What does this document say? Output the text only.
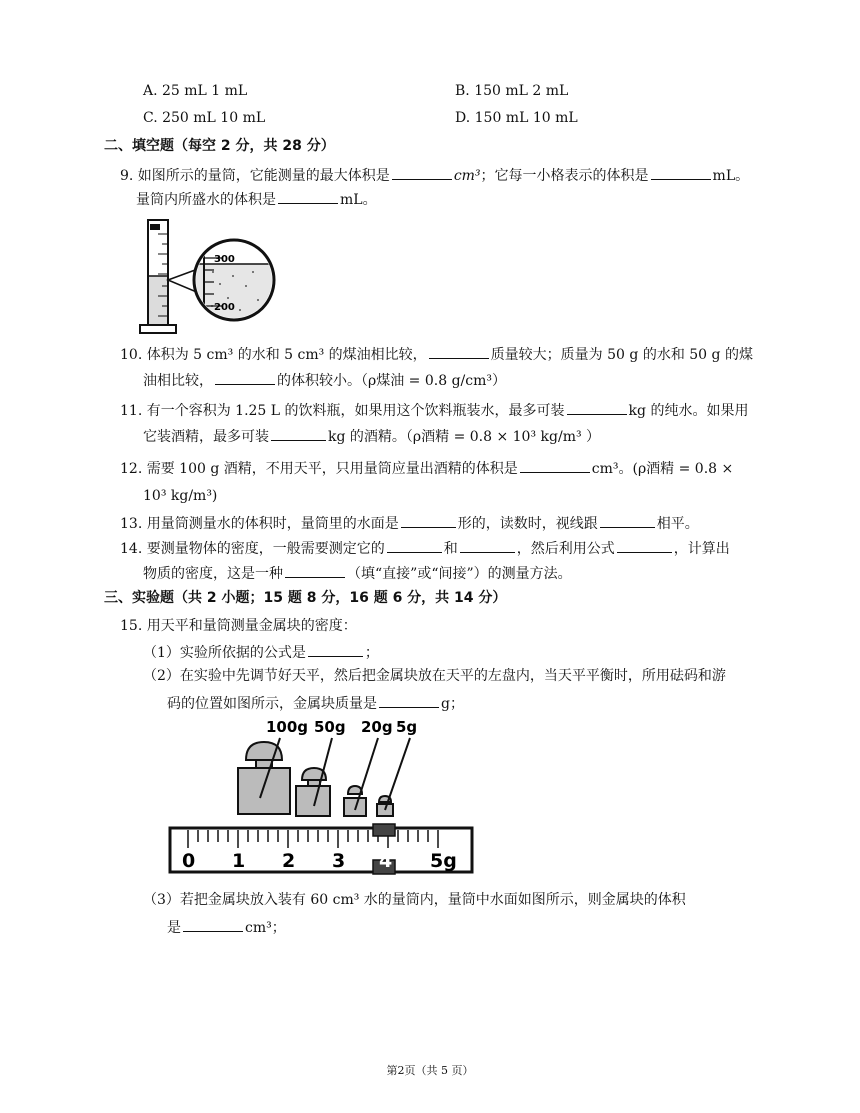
A. 25 mL 1 mL	B. 150 mL 2 mL
C. 250 mL 10 mL	D. 150 mL 10 mL
二、填空题（每空 2 分，共 28 分）
9. 如图所示的量筒，它能测量的最大体积是	cm³；它每一小格表示的体积是	mL。
量筒内所盛水的体积是	mL。
300
200
10. 体积为 5 cm³ 的水和 5 cm³ 的煤油相比较，	质量较大；质量为 50 g 的水和 50 g 的煤
油相比较，	的体积较小。（ρ煤油 = 0.8 g/cm³）
11. 有一个容积为 1.25 L 的饮料瓶，如果用这个饮料瓶装水，最多可装	kg 的纯水。如果用
它装酒精，最多可装	kg 的酒精。（ρ酒精 = 0.8 × 10³ kg/m³ ）
12. 需要 100 g 酒精，不用天平，只用量筒应量出酒精的体积是	cm³。(ρ酒精 = 0.8 ×
10³ kg/m³)
13. 用量筒测量水的体积时，量筒里的水面是	形的，读数时，视线跟	相平。
14. 要测量物体的密度，一般需要测定它的	和	，然后利用公式	，计算出
物质的密度，这是一种	（填“直接”或“间接”）的测量方法。
三、实验题（共 2 小题；15 题 8 分，16 题 6 分，共 14 分）
15. 用天平和量筒测量金属块的密度：
（1）实验所依据的公式是	；
（2）在实验中先调节好天平，然后把金属块放在天平的左盘内，当天平平衡时，所用砝码和游
码的位置如图所示，金属块质量是	g；
100g 50g 20g 5g
0 1 2 3 4 5g
（3）若把金属块放入装有 60 cm³ 水的量筒内，量筒中水面如图所示，则金属块的体积
是	cm³；
第2页（共 5 页）
